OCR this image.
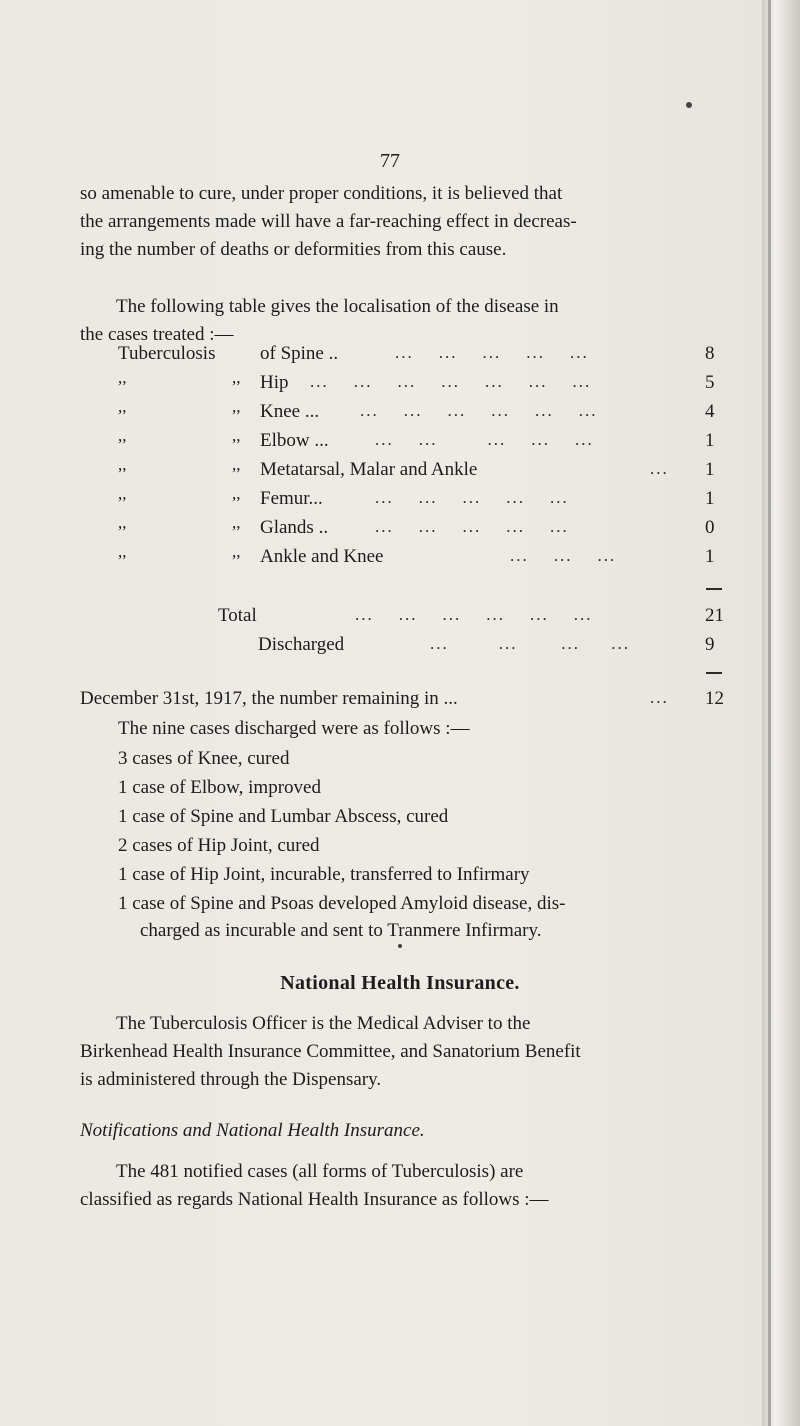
77
so amenable to cure, under proper conditions, it is believed that
the arrangements made will have a far-reaching effect in decreas-
ing the number of deaths or deformities from this cause.
The following table gives the localisation of the disease in
the cases treated :—
Tuberculosis of Spine ..	...    ...    ...    ...    ...	8
,,	,, Hip ...    ...    ...    ...    ...    ...    ...	5
,,	,, Knee ... ...    ...    ...    ...    ...    ...	4
,,	,, Elbow ...	...    ...        ...    ...    ...	1
,,	,, Metatarsal, Malar and Ankle	... 1
,,	,, Femur...	...    ...    ...    ...    ...	1
,,	,, Glands ..	...    ...    ...    ...    ...	0
,,	,, Ankle and Knee	...    ...    ...	1
Total	...    ...    ...    ...    ...    ...	21
Discharged	...        ...       ...     ...	9
December 31st, 1917, the number remaining in ...	... 12
The nine cases discharged were as follows :—
3 cases of Knee, cured
1 case of Elbow, improved
1 case of Spine and Lumbar Abscess, cured
2 cases of Hip Joint, cured
1 case of Hip Joint, incurable, transferred to Infirmary
1 case of Spine and Psoas developed Amyloid disease, dis-
charged as incurable and sent to Tranmere Infirmary.
National Health Insurance.
The Tuberculosis Officer is the Medical Adviser to the
Birkenhead Health Insurance Committee, and Sanatorium Benefit
is administered through the Dispensary.
Notifications and National Health Insurance.
The 481 notified cases (all forms of Tuberculosis) are
classified as regards National Health Insurance as follows :—
